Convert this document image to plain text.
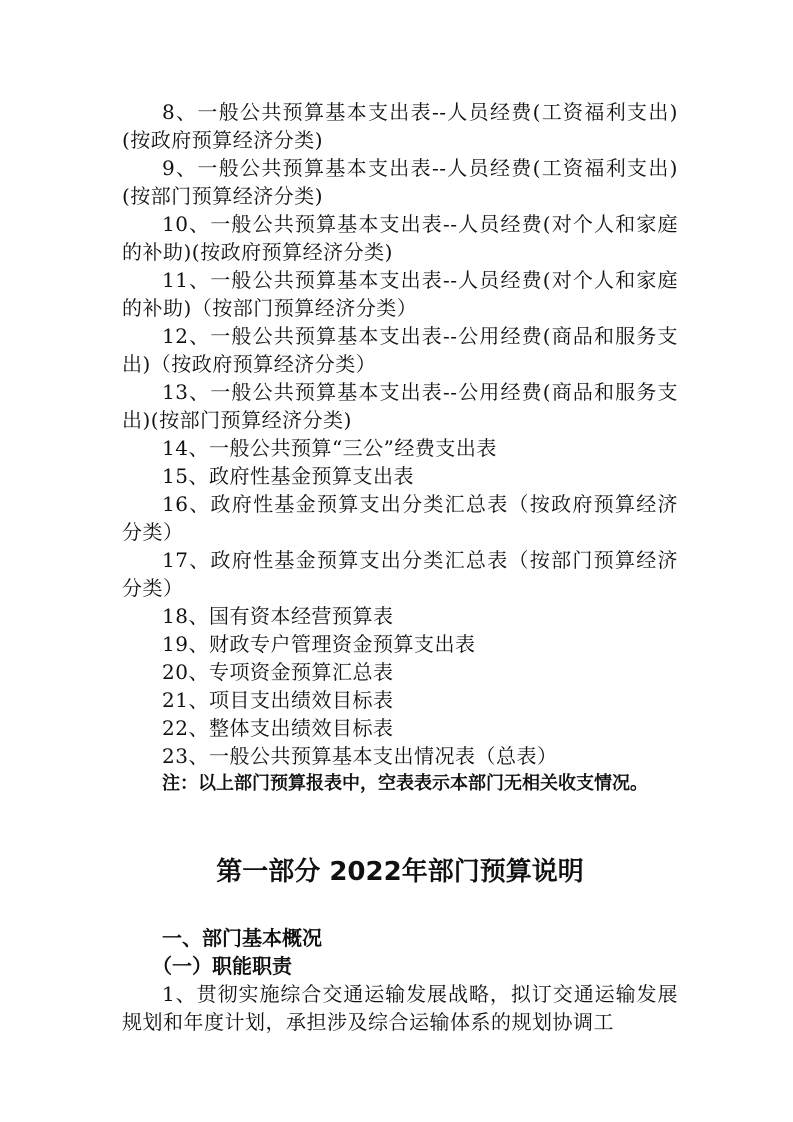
8、一般公共预算基本支出表--人员经费(工资福利支出)(按政府预算经济分类)

9、一般公共预算基本支出表--人员经费(工资福利支出)(按部门预算经济分类)

10、一般公共预算基本支出表--人员经费(对个人和家庭的补助)(按政府预算经济分类)

11、一般公共预算基本支出表--人员经费(对个人和家庭的补助)（按部门预算经济分类）

12、一般公共预算基本支出表--公用经费(商品和服务支出)（按政府预算经济分类）

13、一般公共预算基本支出表--公用经费(商品和服务支出)(按部门预算经济分类)

14、一般公共预算“三公”经费支出表

15、政府性基金预算支出表

16、政府性基金预算支出分类汇总表（按政府预算经济分类）

17、政府性基金预算支出分类汇总表（按部门预算经济分类）

18、国有资本经营预算表

19、财政专户管理资金预算支出表

20、专项资金预算汇总表

21、项目支出绩效目标表

22、整体支出绩效目标表

23、一般公共预算基本支出情况表（总表）

注：以上部门预算报表中，空表表示本部门无相关收支情况。

第一部分 2022年部门预算说明
一、部门基本概况
（一）职能职责

1、贯彻实施综合交通运输发展战略，拟订交通运输发展规划和年度计划，承担涉及综合运输体系的规划协调工
